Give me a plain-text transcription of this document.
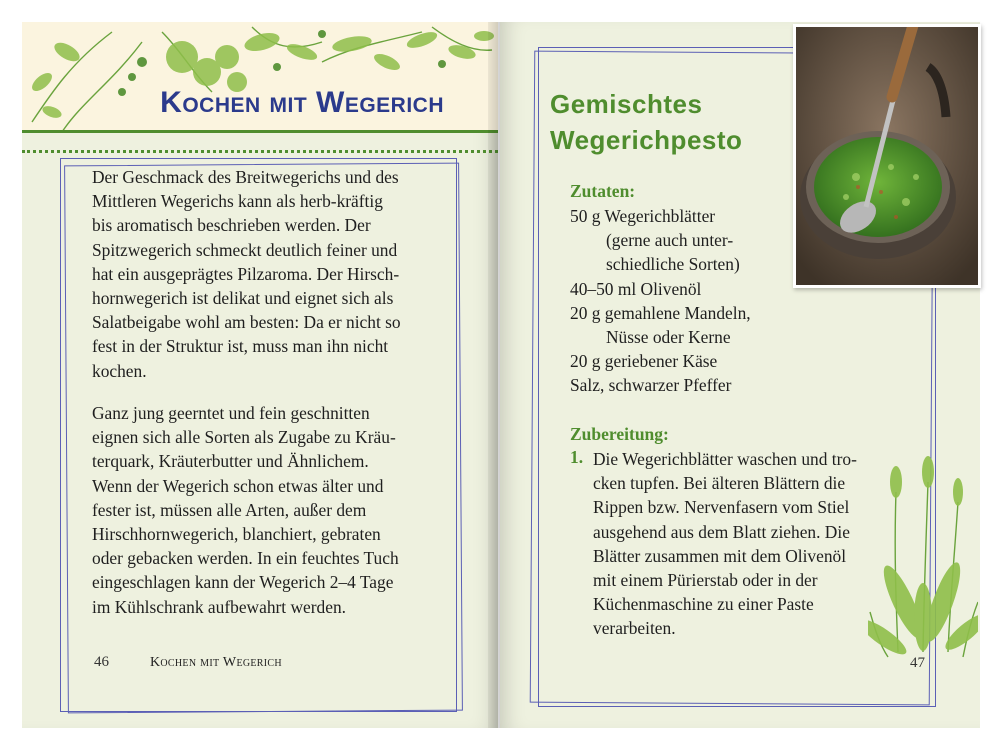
Kochen mit Wegerich

Der Geschmack des Breitwegerichs und des

Mittleren Wegerichs kann als herb-kräftig

bis aromatisch beschrieben werden. Der

Spitzwegerich schmeckt deutlich feiner und

hat ein ausgeprägtes Pilzaroma. Der Hirsch-

hornwegerich ist delikat und eignet sich als

Salatbeigabe wohl am besten: Da er nicht so

fest in der Struktur ist, muss man ihn nicht

kochen.

Ganz jung geerntet und fein geschnitten

eignen sich alle Sorten als Zugabe zu Kräu-

terquark, Kräuterbutter und Ähnlichem.

Wenn der Wegerich schon etwas älter und

fester ist, müssen alle Arten, außer dem

Hirschhornwegerich, blanchiert, gebraten

oder gebacken werden. In ein feuchtes Tuch

eingeschlagen kann der Wegerich 2–4 Tage

im Kühlschrank aufbewahrt werden.

46	Kochen mit Wegerich	47
Gemischtes
Wegerichpesto
Zutaten:
50 g Wegerichblätter
(gerne auch unter-
schiedliche Sorten)
40–50 ml Olivenöl
20 g gemahlene Mandeln,
Nüsse oder Kerne
20 g geriebener Käse
Salz, schwarzer Pfeffer
Zubereitung:
1. Die Wegerichblätter waschen und tro-
cken tupfen. Bei älteren Blättern die
Rippen bzw. Nervenfasern vom Stiel
ausgehend aus dem Blatt ziehen. Die
Blätter zusammen mit dem Olivenöl
mit einem Pürierstab oder in der
Küchenmaschine zu einer Paste
verarbeiten.
